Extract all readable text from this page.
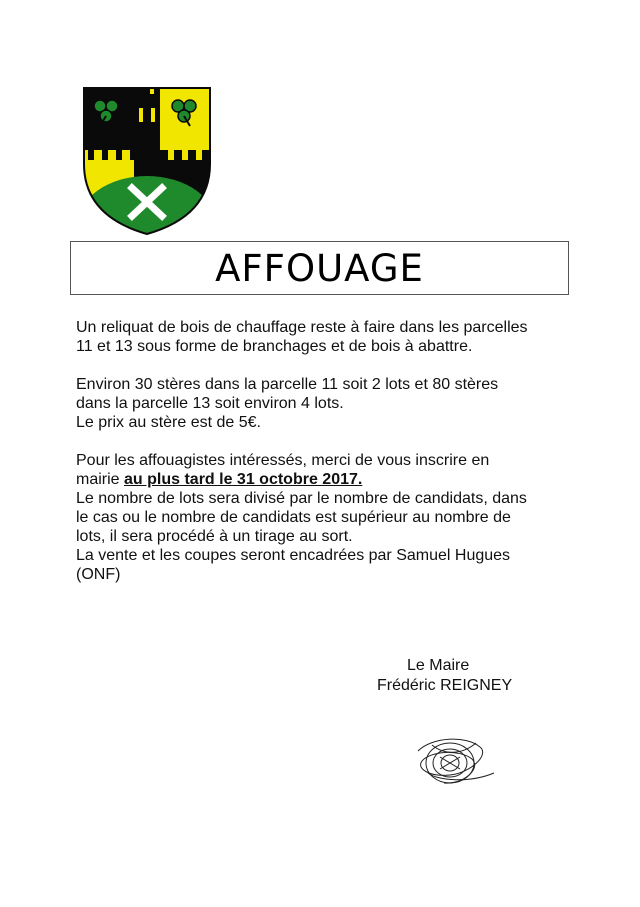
AFFOUAGE

Un reliquat de bois de chauffage reste à faire dans les parcelles
11 et 13 sous forme de branchages et de bois à abattre.

Environ 30 stères dans la parcelle 11 soit 2 lots et 80 stères
dans la parcelle 13 soit environ 4 lots.
Le prix au stère est de 5€.

Pour les affouagistes intéressés, merci de vous inscrire en
mairie au plus tard le 31 octobre 2017.
Le nombre de lots sera divisé par le nombre de candidats, dans
le cas ou le nombre de candidats est supérieur au nombre de
lots, il sera procédé à un tirage au sort.
La vente et les coupes seront encadrées par Samuel Hugues
(ONF)

Le Maire
Frédéric REIGNEY
